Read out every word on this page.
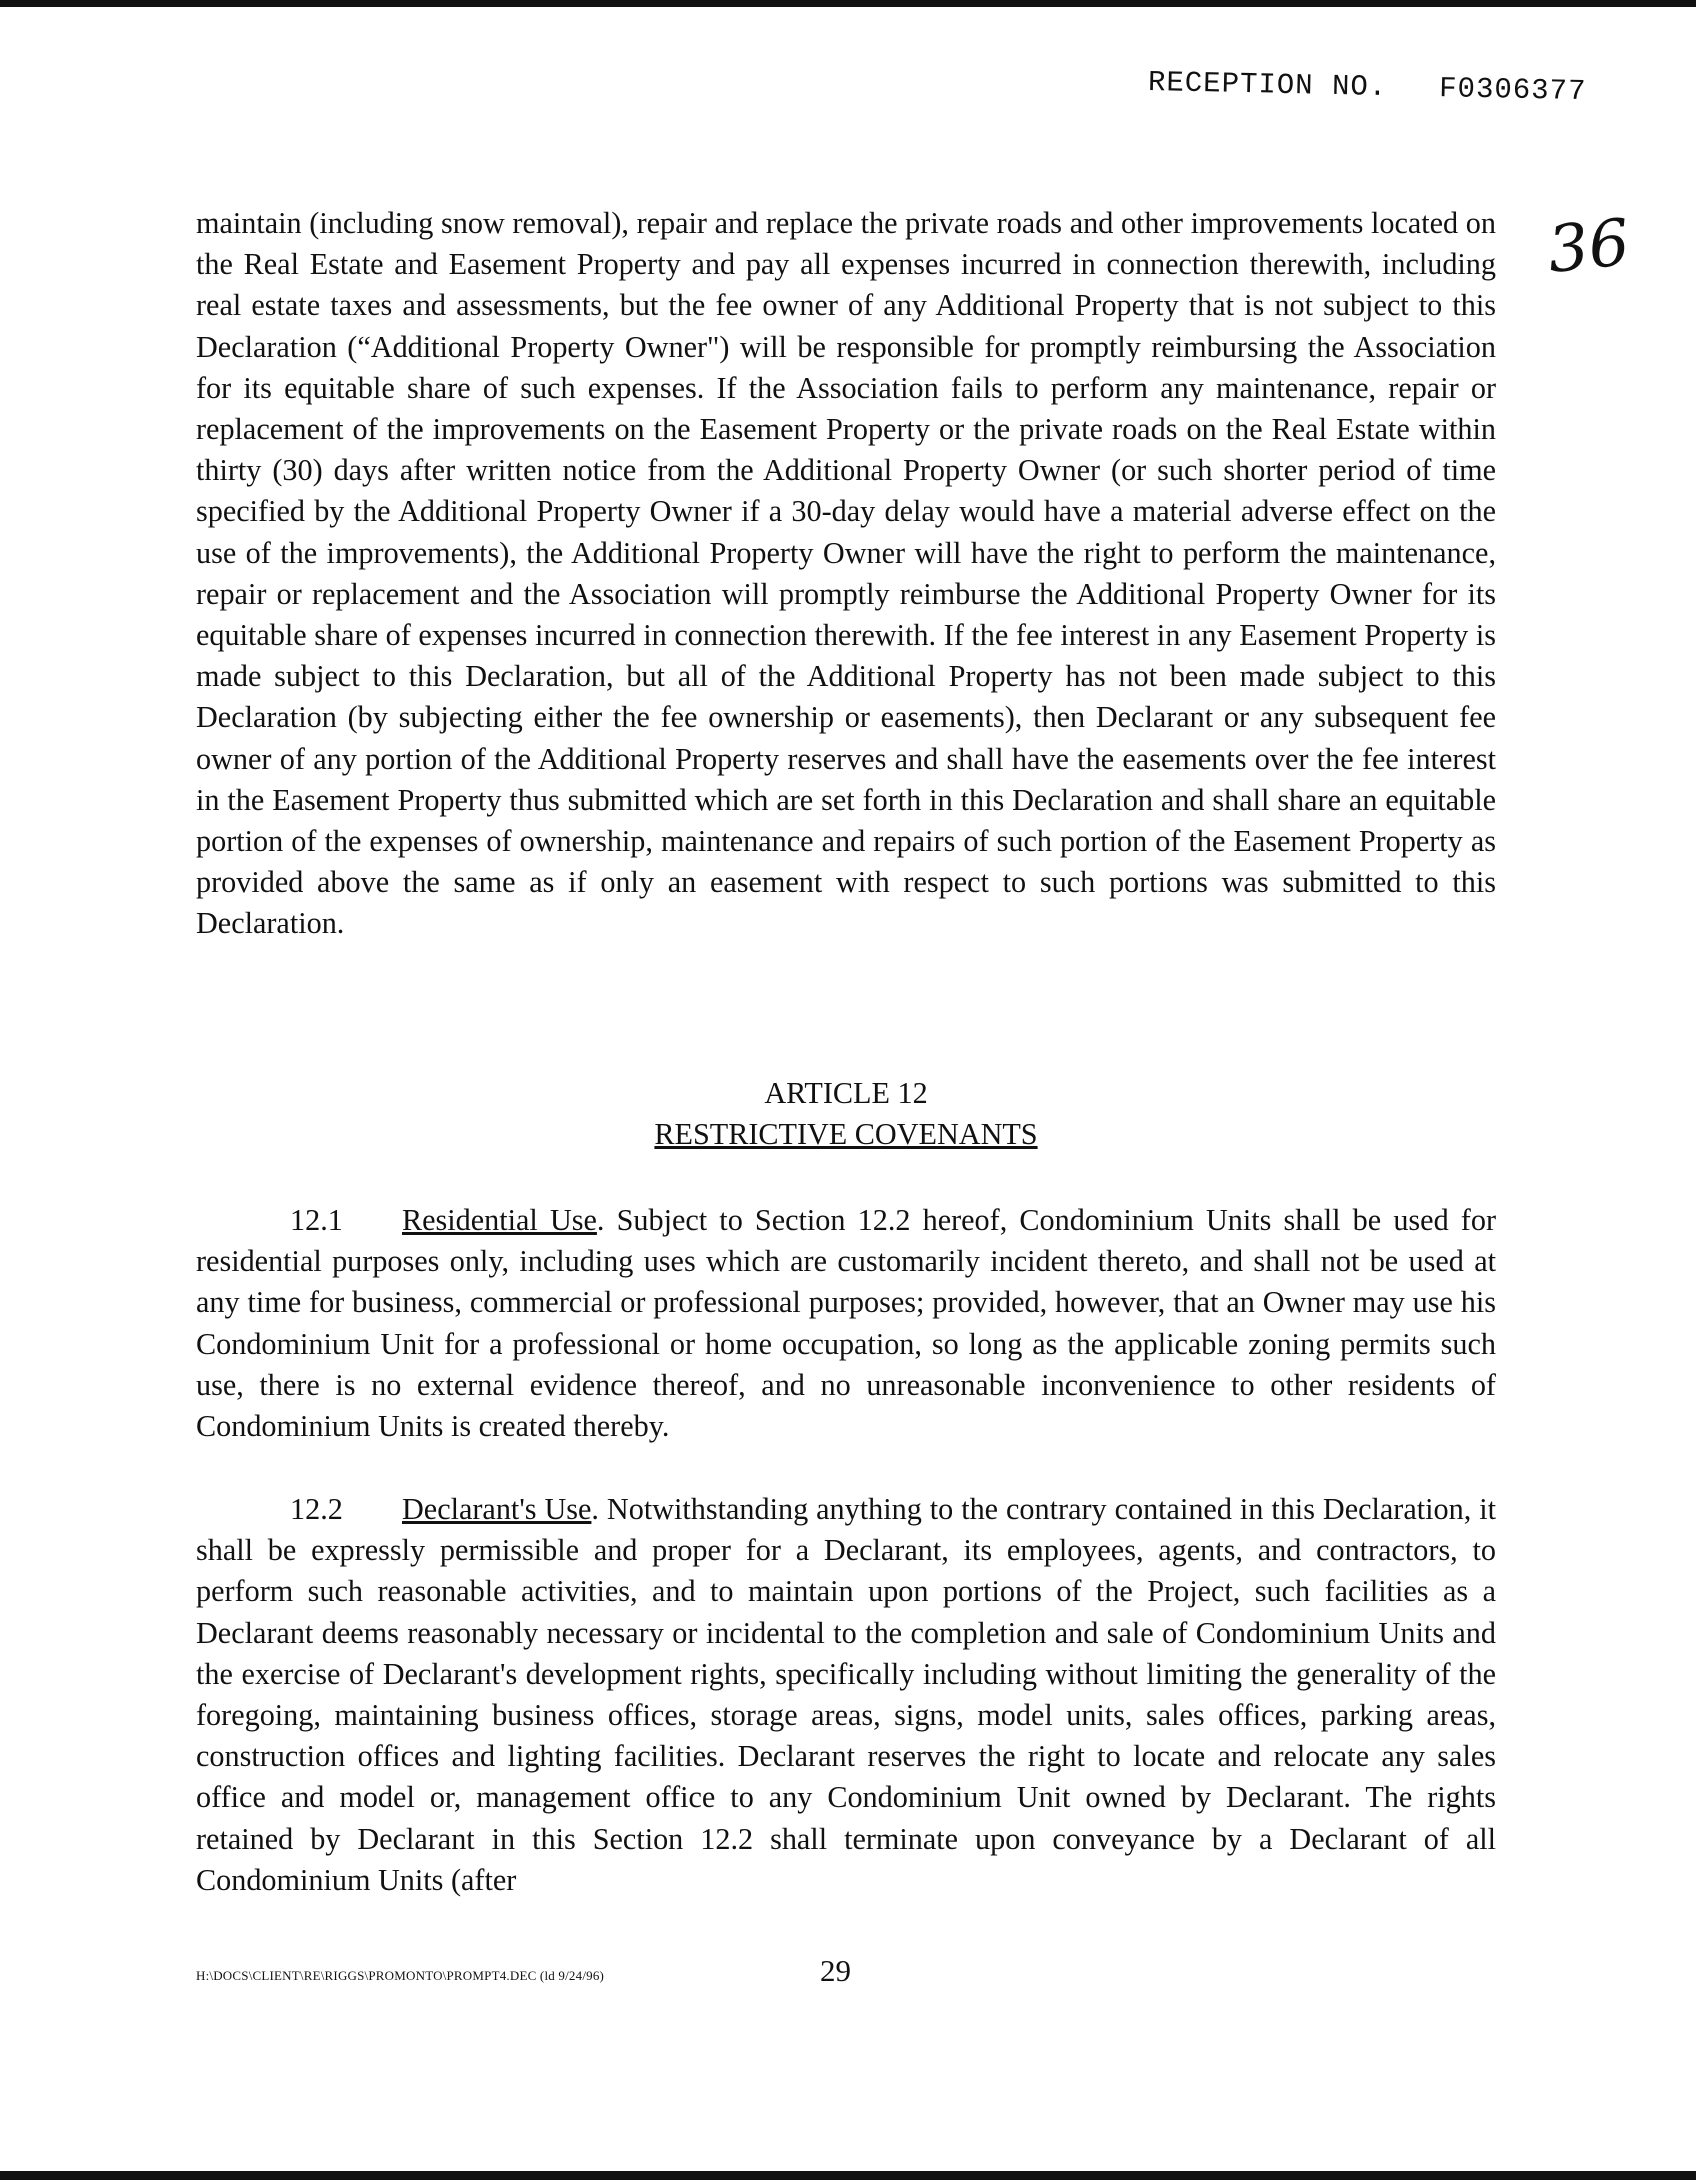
RECEPTION NO. F0306377
36
maintain (including snow removal), repair and replace the private roads and other improvements located on the Real Estate and Easement Property and pay all expenses incurred in connection therewith, including real estate taxes and assessments, but the fee owner of any Additional Property that is not subject to this Declaration (“Additional Property Owner") will be responsible for promptly reimbursing the Association for its equitable share of such expenses. If the Association fails to perform any maintenance, repair or replacement of the improvements on the Easement Property or the private roads on the Real Estate within thirty (30) days after written notice from the Additional Property Owner (or such shorter period of time specified by the Additional Property Owner if a 30-day delay would have a material adverse effect on the use of the improvements), the Additional Property Owner will have the right to perform the maintenance, repair or replacement and the Association will promptly reimburse the Additional Property Owner for its equitable share of expenses incurred in connection therewith. If the fee interest in any Easement Property is made subject to this Declaration, but all of the Additional Property has not been made subject to this Declaration (by subjecting either the fee ownership or easements), then Declarant or any subsequent fee owner of any portion of the Additional Property reserves and shall have the easements over the fee interest in the Easement Property thus submitted which are set forth in this Declaration and shall share an equitable portion of the expenses of ownership, maintenance and repairs of such portion of the Easement Property as provided above the same as if only an easement with respect to such portions was submitted to this Declaration.
ARTICLE 12
RESTRICTIVE COVENANTS
12.1 Residential Use. Subject to Section 12.2 hereof, Condominium Units shall be used for residential purposes only, including uses which are customarily incident thereto, and shall not be used at any time for business, commercial or professional purposes; provided, however, that an Owner may use his Condominium Unit for a professional or home occupation, so long as the applicable zoning permits such use, there is no external evidence thereof, and no unreasonable inconvenience to other residents of Condominium Units is created thereby.
12.2 Declarant's Use. Notwithstanding anything to the contrary contained in this Declaration, it shall be expressly permissible and proper for a Declarant, its employees, agents, and contractors, to perform such reasonable activities, and to maintain upon portions of the Project, such facilities as a Declarant deems reasonably necessary or incidental to the completion and sale of Condominium Units and the exercise of Declarant's development rights, specifically including without limiting the generality of the foregoing, maintaining business offices, storage areas, signs, model units, sales offices, parking areas, construction offices and lighting facilities. Declarant reserves the right to locate and relocate any sales office and model or, management office to any Condominium Unit owned by Declarant. The rights retained by Declarant in this Section 12.2 shall terminate upon conveyance by a Declarant of all Condominium Units (after
H:\DOCS\CLIENT\RE\RIGGS\PROMONTO\PROMPT4.DEC (ld 9/24/96)	29
